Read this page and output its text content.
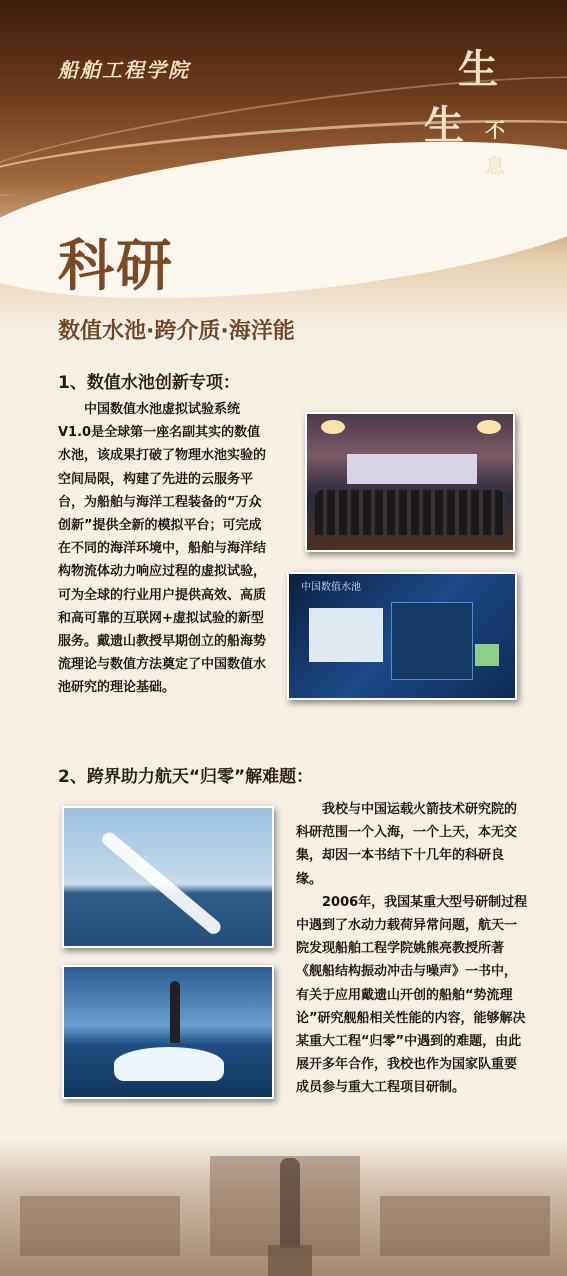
船舶工程学院	生
生 不
息
科研
数值水池·跨介质·海洋能
1、数值水池创新专项：

中国数值水池虚拟试验系统V1.0是全球第一座名副其实的数值水池，该成果打破了物理水池实验的空间局限，构建了先进的云服务平台，为船舶与海洋工程装备的“万众创新”提供全新的模拟平台；可完成在不同的海洋环境中，船舶与海洋结构物流体动力响应过程的虚拟试验，可为全球的行业用户提供高效、高质和高可靠的互联网+虚拟试验的新型服务。戴遗山教授早期创立的船海势流理论与数值方法奠定了中国数值水池研究的理论基础。

中国数值水池
2、跨界助力航天“归零”解难题：

我校与中国运载火箭技术研究院的科研范围一个入海，一个上天，本无交集，却因一本书结下十几年的科研良缘。

2006年，我国某重大型号研制过程中遇到了水动力载荷异常问题，航天一院发现船舶工程学院姚熊亮教授所著《舰船结构振动冲击与噪声》一书中，有关于应用戴遗山开创的船舶“势流理论”研究舰船相关性能的内容，能够解决某重大工程“归零”中遇到的难题，由此展开多年合作，我校也作为国家队重要成员参与重大工程项目研制。
